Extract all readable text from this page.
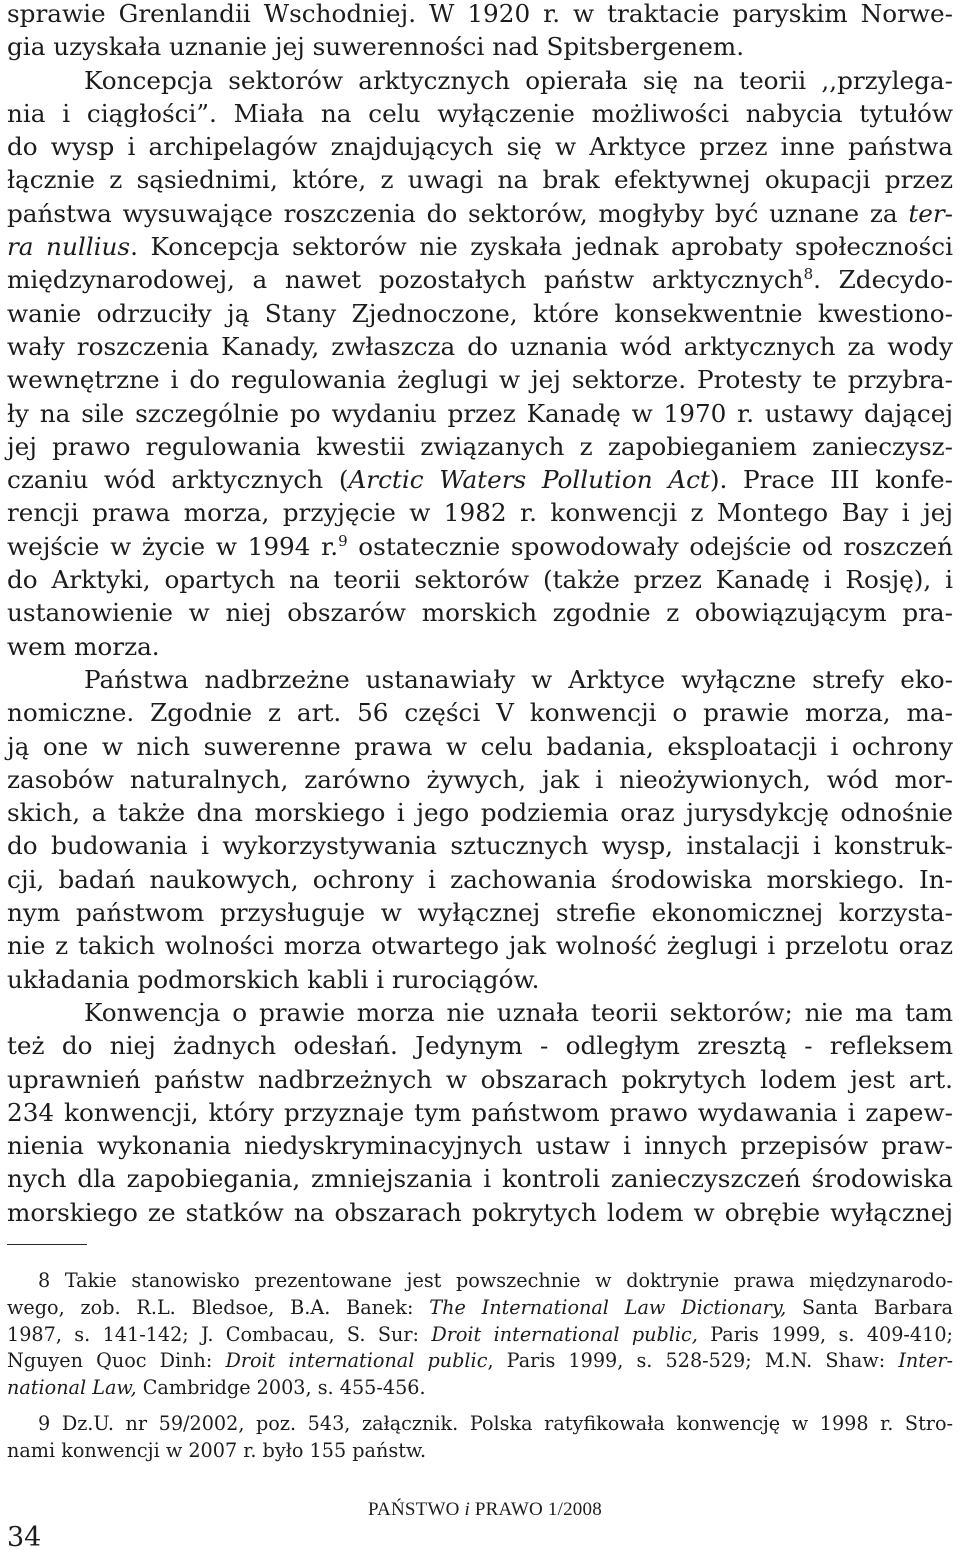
sprawie Grenlandii Wschodniej. W 1920 r. w traktacie paryskim Norwe-
gia uzyskała uznanie jej suwerenności nad Spitsbergenem.
Koncepcja sektorów arktycznych opierała się na teorii ,,przylega-
nia i ciągłości”. Miała na celu wyłączenie możliwości nabycia tytułów
do wysp i archipelagów znajdujących się w Arktyce przez inne państwa
łącznie z sąsiednimi, które, z uwagi na brak efektywnej okupacji przez
państwa wysuwające roszczenia do sektorów, mogłyby być uznane za ter-
ra nullius. Koncepcja sektorów nie zyskała jednak aprobaty społeczności
międzynarodowej, a nawet pozostałych państw arktycznych$^8$. Zdecydo-
wanie odrzuciły ją Stany Zjednoczone, które konsekwentnie kwestiono-
wały roszczenia Kanady, zwłaszcza do uznania wód arktycznych za wody
wewnętrzne i do regulowania żeglugi w jej sektorze. Protesty te przybra-
ły na sile szczególnie po wydaniu przez Kanadę w 1970 r. ustawy dającej
jej prawo regulowania kwestii związanych z zapobieganiem zanieczysz-
czaniu wód arktycznych (Arctic Waters Pollution Act). Prace III konfe-
rencji prawa morza, przyjęcie w 1982 r. konwencji z Montego Bay i jej
wejście w życie w 1994 r.$^9$ ostatecznie spowodowały odejście od roszczeń
do Arktyki, opartych na teorii sektorów (także przez Kanadę i Rosję), i
ustanowienie w niej obszarów morskich zgodnie z obowiązującym pra-
wem morza.
Państwa nadbrzeżne ustanawiały w Arktyce wyłączne strefy eko-
nomiczne. Zgodnie z art. 56 części V konwencji o prawie morza, ma-
ją one w nich suwerenne prawa w celu badania, eksploatacji i ochrony
zasobów naturalnych, zarówno żywych, jak i nieożywionych, wód mor-
skich, a także dna morskiego i jego podziemia oraz jurysdykcję odnośnie
do budowania i wykorzystywania sztucznych wysp, instalacji i konstruk-
cji, badań naukowych, ochrony i zachowania środowiska morskiego. In-
nym państwom przysługuje w wyłącznej strefie ekonomicznej korzysta-
nie z takich wolności morza otwartego jak wolność żeglugi i przelotu oraz
układania podmorskich kabli i rurociągów.
Konwencja o prawie morza nie uznała teorii sektorów; nie ma tam
też do niej żadnych odesłań. Jedynym - odległym zresztą - refleksem
uprawnień państw nadbrzeżnych w obszarach pokrytych lodem jest art.
234 konwencji, który przyznaje tym państwom prawo wydawania i zapew-
nienia wykonania niedyskryminacyjnych ustaw i innych przepisów praw-
nych dla zapobiegania, zmniejszania i kontroli zanieczyszczeń środowiska
morskiego ze statków na obszarach pokrytych lodem w obrębie wyłącznej
8 Takie stanowisko prezentowane jest powszechnie w doktrynie prawa międzynarodo-
wego, zob. R.L. Bledsoe, B.A. Banek: The International Law Dictionary, Santa Barbara
1987, s. 141-142; J. Combacau, S. Sur: Droit international public, Paris 1999, s. 409-410;
Nguyen Quoc Dinh: Droit international public, Paris 1999, s. 528-529; M.N. Shaw: Inter-
national Law, Cambridge 2003, s. 455-456.
9 Dz.U. nr 59/2002, poz. 543, załącznik. Polska ratyfikowała konwencję w 1998 r. Stro-
nami konwencji w 2007 r. było 155 państw.
PAŃSTWO i PRAWO 1/2008
34
